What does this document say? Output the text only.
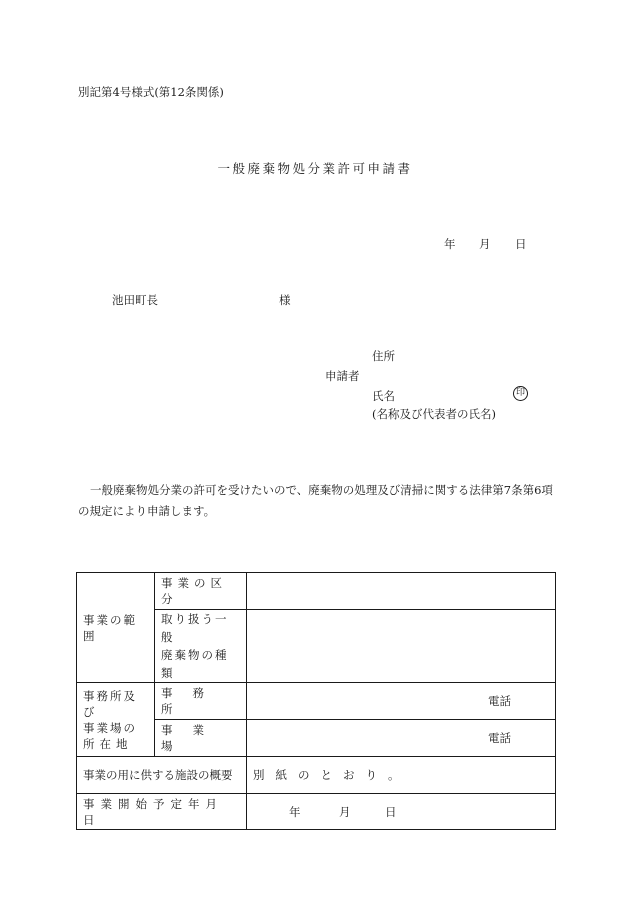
別記第4号様式(第12条関係)
一般廃棄物処分業許可申請書
年 月 日
池田町長	様
住所
申請者
氏名	印
(名称及び代表者の氏名)
一般廃棄物処分業の許可を受けたいので、廃棄物の処理及び清掃に関する法律第7条第6項の規定により申請します。
事業の範囲	事業の区分	

	取り扱う一般
廃棄物の種類	

事務所及び
事業場の
所在地	事務所	電話
	事業場	電話
事業の用に供する施設の概要		別紙のとおり。
事業開始予定年月日		年 月 日
